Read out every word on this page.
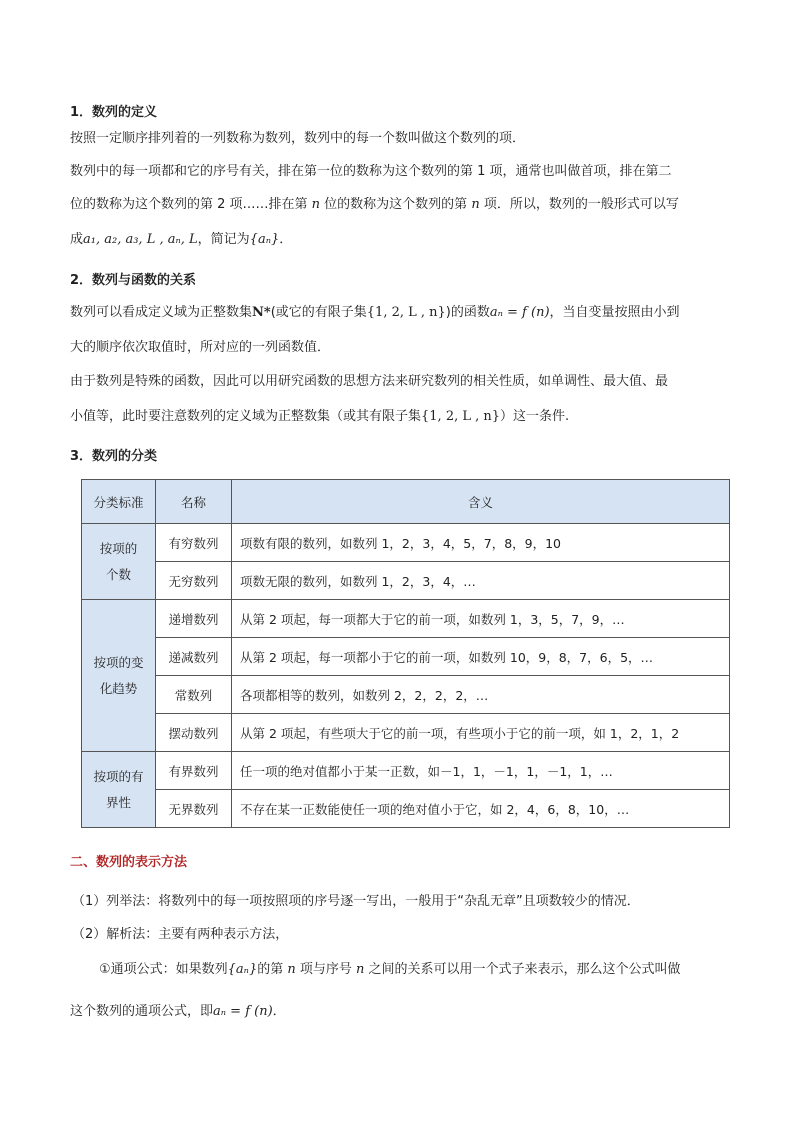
1．数列的定义
按照一定顺序排列着的一列数称为数列，数列中的每一个数叫做这个数列的项．
数列中的每一项都和它的序号有关，排在第一位的数称为这个数列的第 1 项，通常也叫做首项，排在第二
位的数称为这个数列的第 2 项……排在第 n 位的数称为这个数列的第 n 项．所以，数列的一般形式可以写
成a₁, a₂, a₃, L , aₙ, L，简记为{aₙ}．
2．数列与函数的关系
数列可以看成定义域为正整数集N*(或它的有限子集{1, 2, L , n})的函数aₙ = f (n)，当自变量按照由小到
大的顺序依次取值时，所对应的一列函数值．
由于数列是特殊的函数，因此可以用研究函数的思想方法来研究数列的相关性质，如单调性、最大值、最
小值等，此时要注意数列的定义域为正整数集（或其有限子集{1, 2, L , n}）这一条件.
3．数列的分类
分类标准	名称	含义
按项的
个数	有穷数列	项数有限的数列，如数列 1，2，3，4，5，7，8，9，10
	无穷数列	项数无限的数列，如数列 1，2，3，4，…
按项的变
化趋势	递增数列	从第 2 项起，每一项都大于它的前一项，如数列 1，3，5，7，9，…
	递减数列	从第 2 项起，每一项都小于它的前一项，如数列 10，9，8，7，6，5，…
	常数列	各项都相等的数列，如数列 2，2，2，2，…
	摆动数列	从第 2 项起，有些项大于它的前一项，有些项小于它的前一项，如 1，2，1，2
按项的有
界性	有界数列	任一项的绝对值都小于某一正数，如－1，1，－1，1，－1，1，…
	无界数列	不存在某一正数能使任一项的绝对值小于它，如 2，4，6，8，10，…
二、数列的表示方法
（1）列举法：将数列中的每一项按照项的序号逐一写出，一般用于“杂乱无章”且项数较少的情况．
（2）解析法：主要有两种表示方法，
①通项公式：如果数列{aₙ}的第 n 项与序号 n 之间的关系可以用一个式子来表示，那么这个公式叫做
这个数列的通项公式，即aₙ = f (n)．
